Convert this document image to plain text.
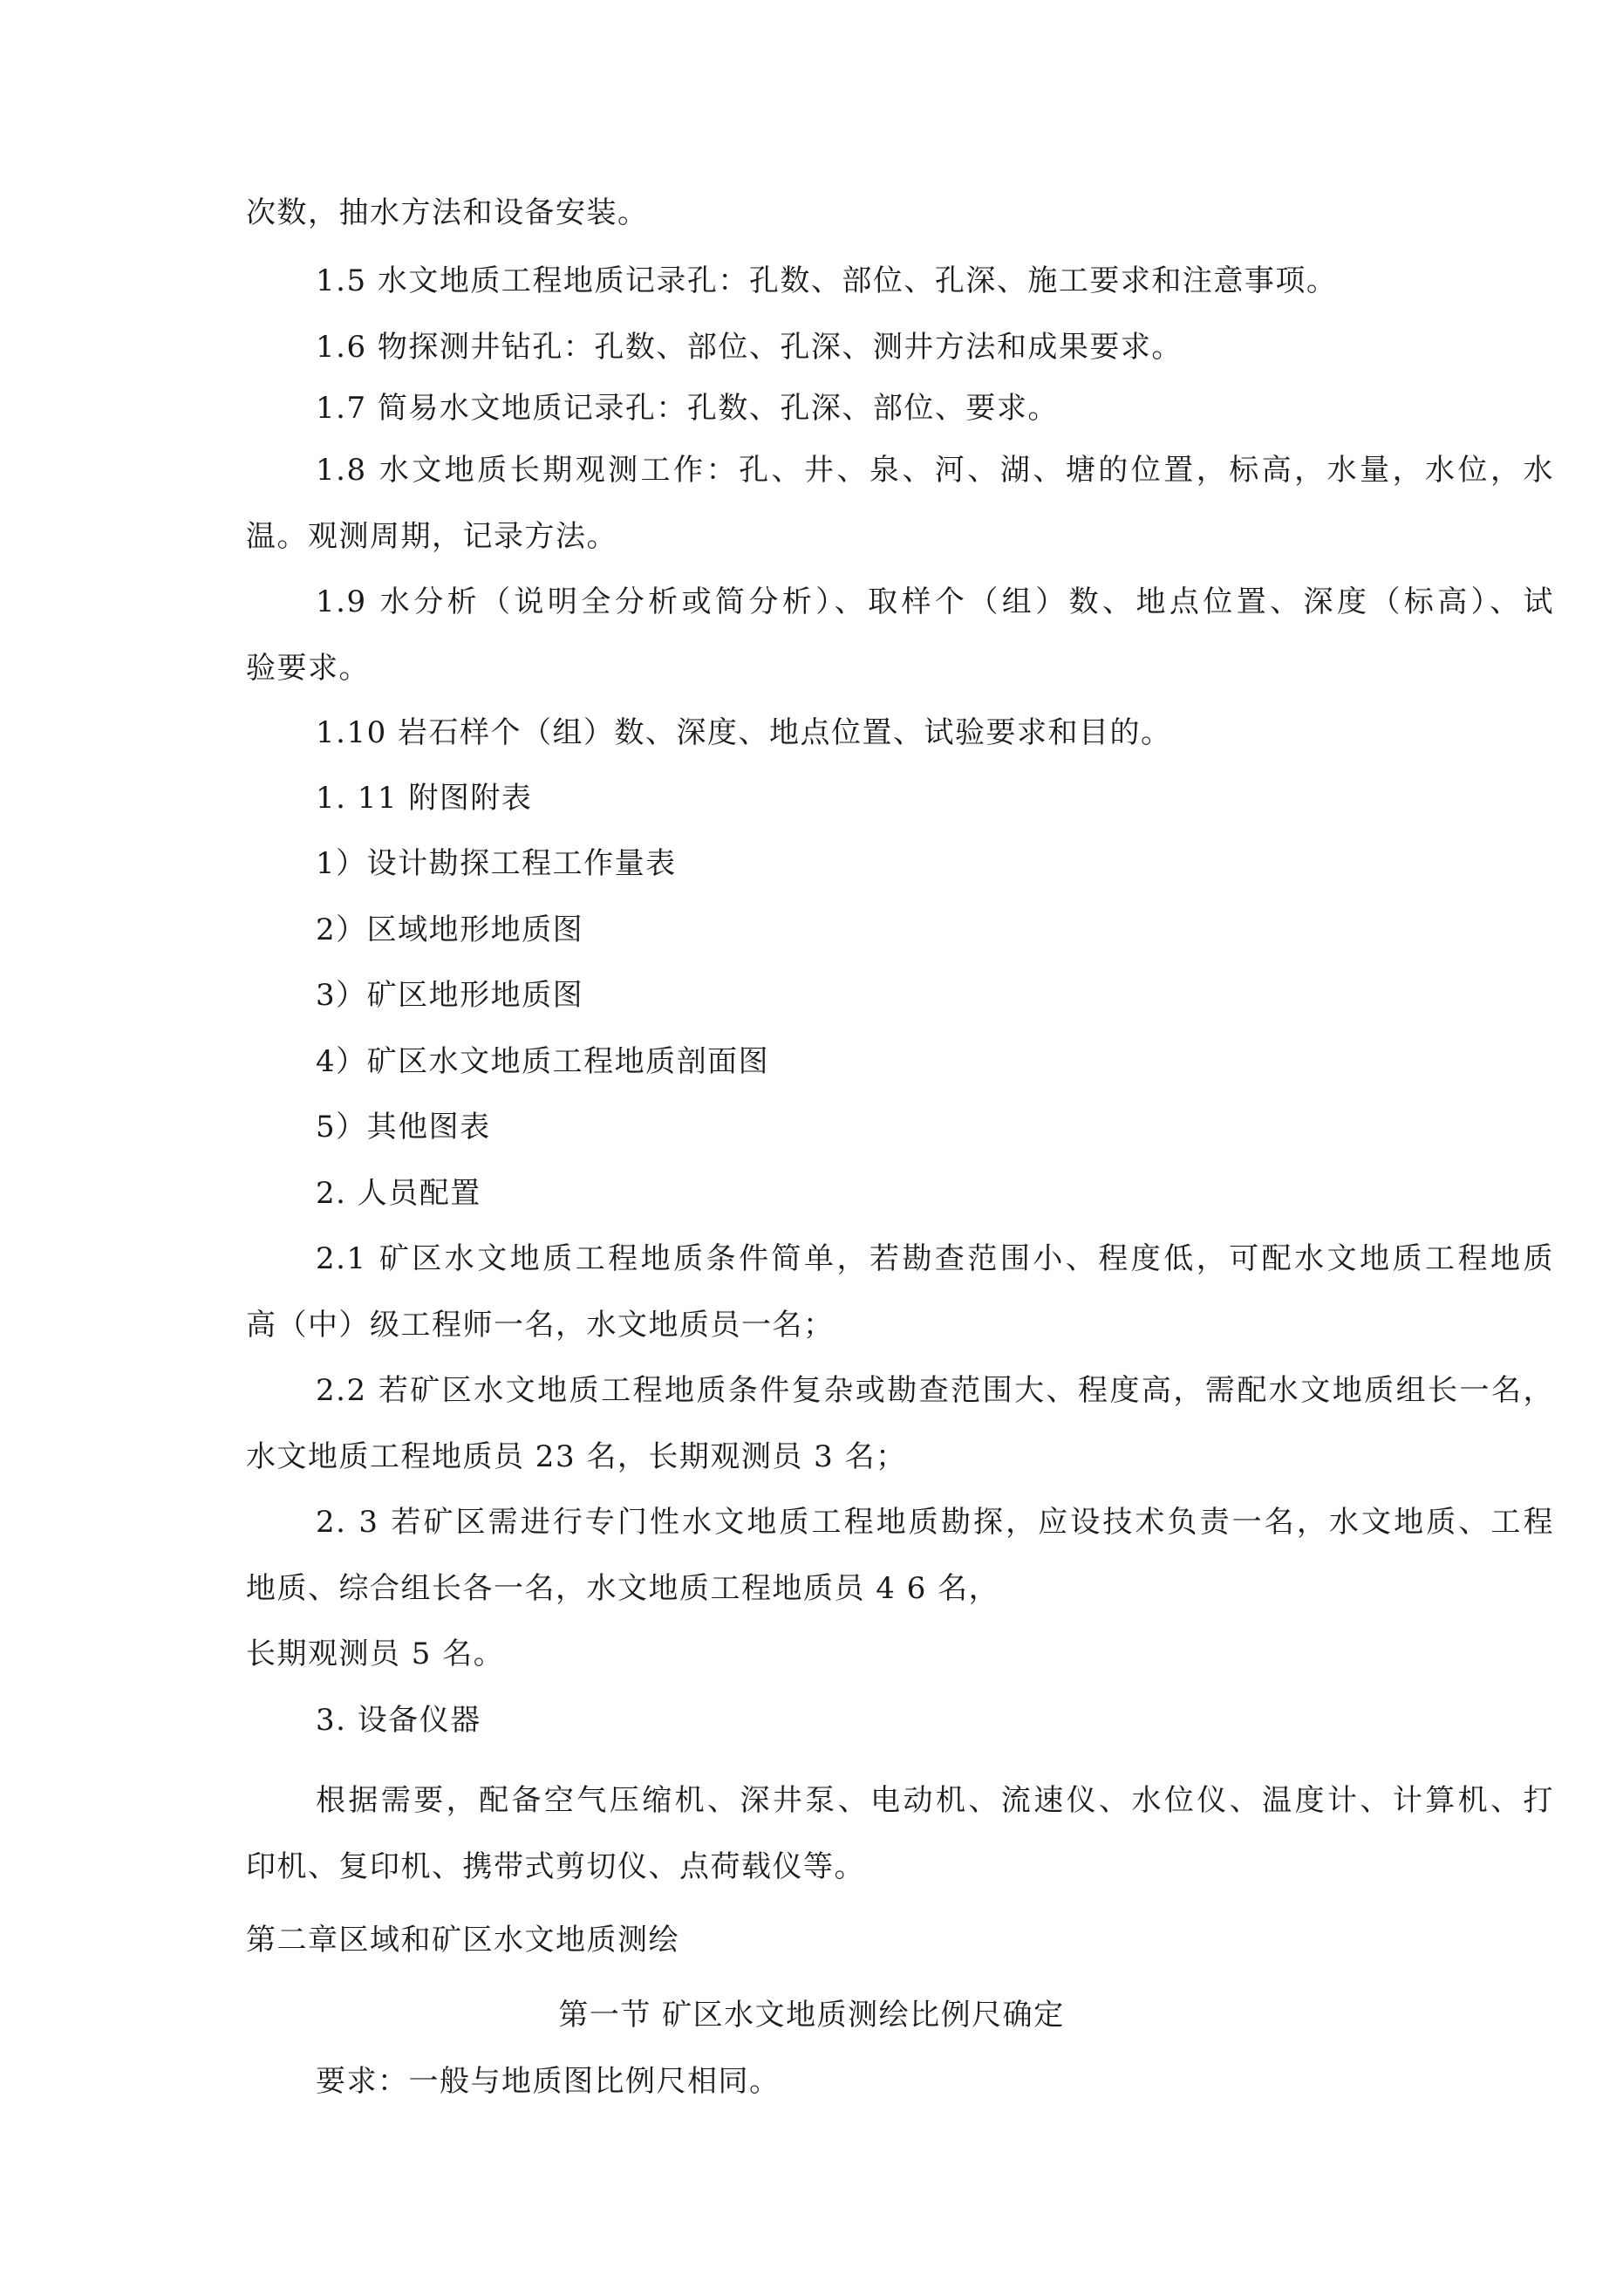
次数，抽水方法和设备安装。
1.5 水文地质工程地质记录孔：孔数、部位、孔深、施工要求和注意事项。
1.6 物探测井钻孔：孔数、部位、孔深、测井方法和成果要求。
1.7 简易水文地质记录孔：孔数、孔深、部位、要求。
1.8 水文地质长期观测工作：孔、井、泉、河、湖、塘的位置，标高，水量，水位，水
温。观测周期，记录方法。
1.9 水分析（说明全分析或简分析）、取样个（组）数、地点位置、深度（标高）、试
验要求。
1.10 岩石样个（组）数、深度、地点位置、试验要求和目的。
1. 11 附图附表
1）设计勘探工程工作量表
2）区域地形地质图
3）矿区地形地质图
4）矿区水文地质工程地质剖面图
5）其他图表
2. 人员配置
2.1 矿区水文地质工程地质条件简单，若勘查范围小、程度低，可配水文地质工程地质
高（中）级工程师一名，水文地质员一名；
2.2 若矿区水文地质工程地质条件复杂或勘查范围大、程度高，需配水文地质组长一名，
水文地质工程地质员 23 名，长期观测员 3 名；
2. 3 若矿区需进行专门性水文地质工程地质勘探，应设技术负责一名，水文地质、工程
地质、综合组长各一名，水文地质工程地质员 4 6 名，
长期观测员 5 名。
3. 设备仪器
根据需要，配备空气压缩机、深井泵、电动机、流速仪、水位仪、温度计、计算机、打
印机、复印机、携带式剪切仪、点荷载仪等。
第二章区域和矿区水文地质测绘
第一节 矿区水文地质测绘比例尺确定
要求：一般与地质图比例尺相同。
